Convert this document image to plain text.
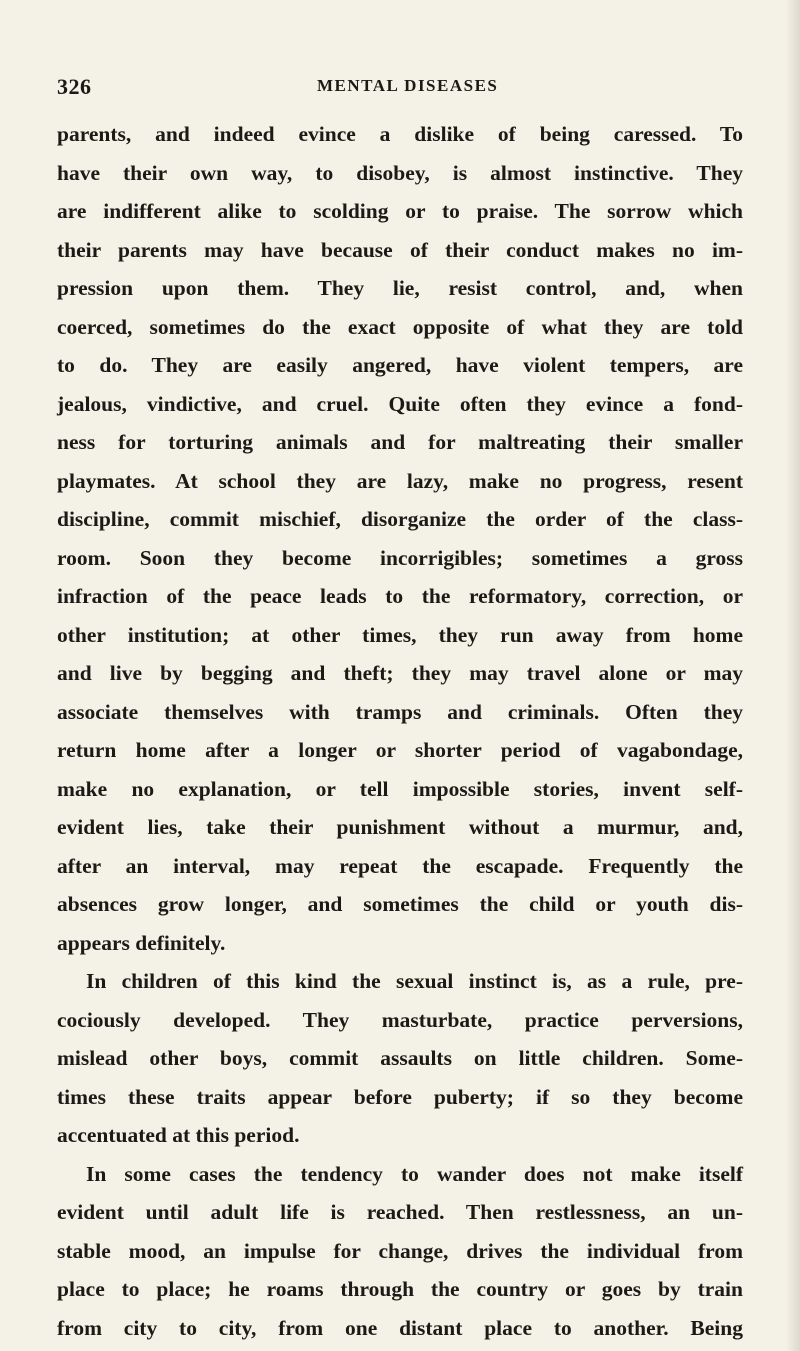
326	MENTAL DISEASES
parents, and indeed evince a dislike of being caressed. To
have their own way, to disobey, is almost instinctive. They
are indifferent alike to scolding or to praise. The sorrow which
their parents may have because of their conduct makes no im-
pression upon them. They lie, resist control, and, when
coerced, sometimes do the exact opposite of what they are told
to do. They are easily angered, have violent tempers, are
jealous, vindictive, and cruel. Quite often they evince a fond-
ness for torturing animals and for maltreating their smaller
playmates. At school they are lazy, make no progress, resent
discipline, commit mischief, disorganize the order of the class-
room. Soon they become incorrigibles; sometimes a gross
infraction of the peace leads to the reformatory, correction, or
other institution; at other times, they run away from home
and live by begging and theft; they may travel alone or may
associate themselves with tramps and criminals. Often they
return home after a longer or shorter period of vagabondage,
make no explanation, or tell impossible stories, invent self-
evident lies, take their punishment without a murmur, and,
after an interval, may repeat the escapade. Frequently the
absences grow longer, and sometimes the child or youth dis-
appears definitely.
In children of this kind the sexual instinct is, as a rule, pre-
cociously developed. They masturbate, practice perversions,
mislead other boys, commit assaults on little children. Some-
times these traits appear before puberty; if so they become
accentuated at this period.
In some cases the tendency to wander does not make itself
evident until adult life is reached. Then restlessness, an un-
stable mood, an impulse for change, drives the individual from
place to place; he roams through the country or goes by train
from city to city, from one distant place to another. Being
